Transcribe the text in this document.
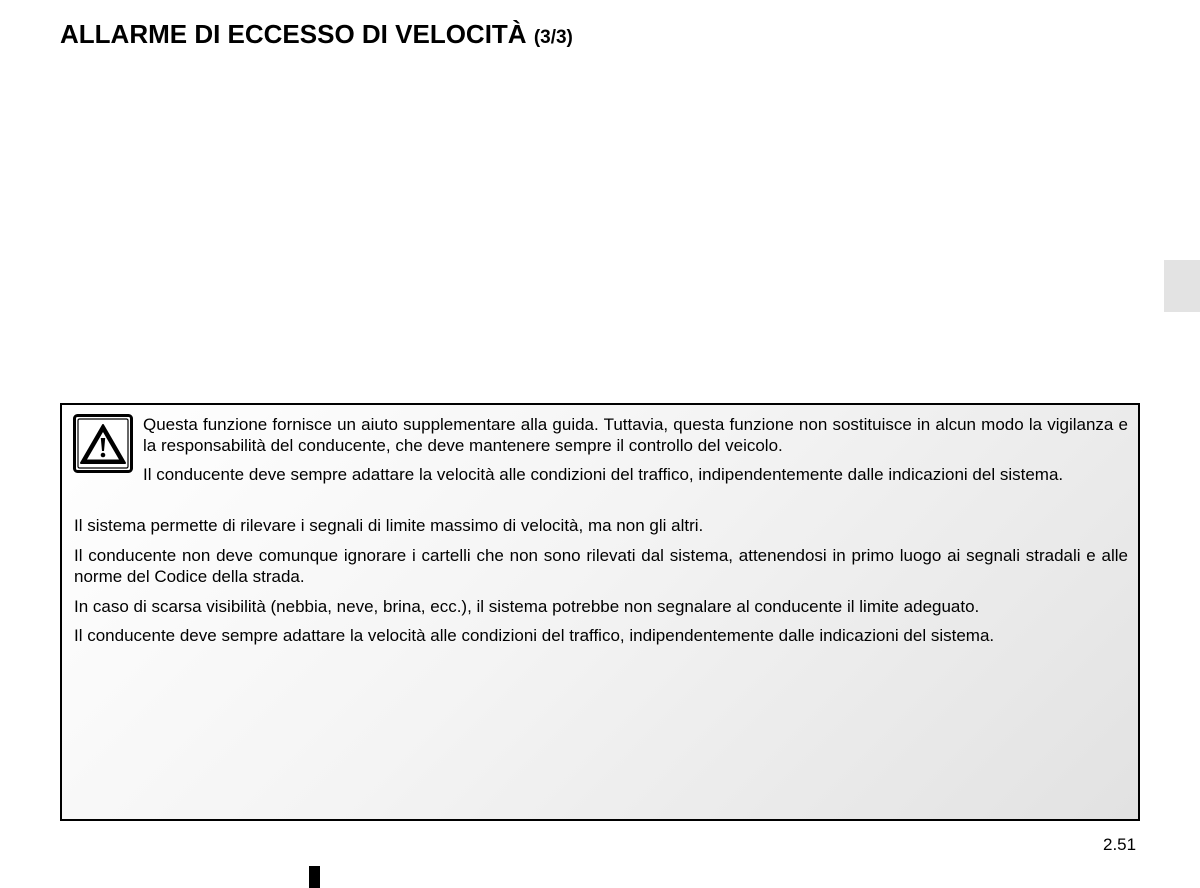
ALLARME DI ECCESSO DI VELOCITÀ (3/3)
Questa funzione fornisce un aiuto supplementare alla guida. Tuttavia, questa funzione non sostituisce in alcun modo la vigilanza e la responsabilità del conducente, che deve mantenere sempre il controllo del veicolo.
Il conducente deve sempre adattare la velocità alle condizioni del traffico, indipendentemente dalle indicazioni del sistema.
Il sistema permette di rilevare i segnali di limite massimo di velocità, ma non gli altri.
Il conducente non deve comunque ignorare i cartelli che non sono rilevati dal sistema, attenendosi in primo luogo ai segnali stradali e alle norme del Codice della strada.
In caso di scarsa visibilità (nebbia, neve, brina, ecc.), il sistema potrebbe non segnalare al conducente il limite adeguato.
Il conducente deve sempre adattare la velocità alle condizioni del traffico, indipendentemente dalle indicazioni del sistema.
2.51
